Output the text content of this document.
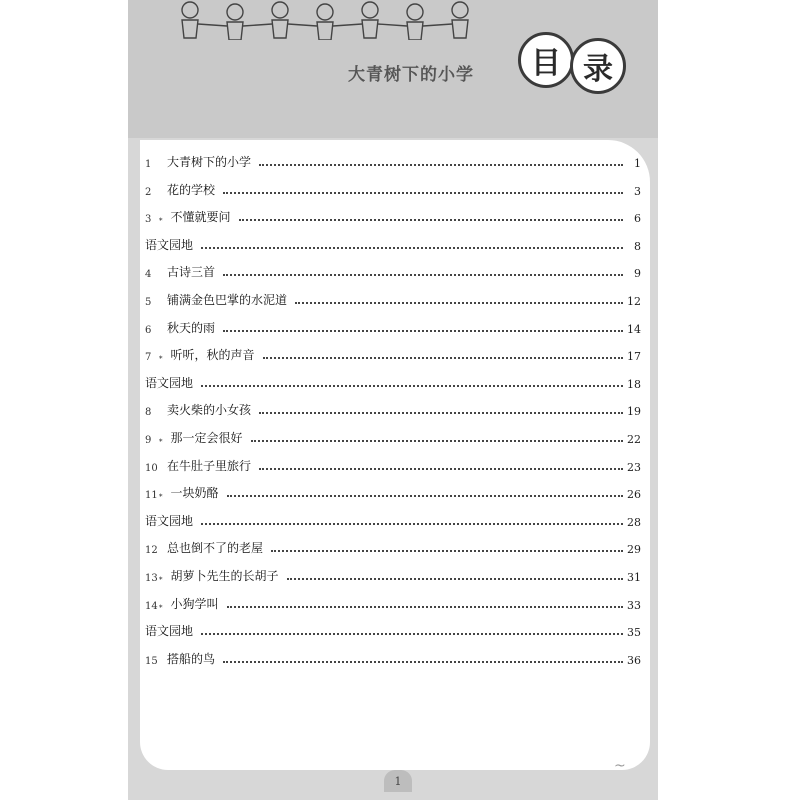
大青树下的小学	目 录
1	大青树下的小学	1
2	花的学校	3
3	* 不懂就要问	6
语文园地	8
4	古诗三首	9
5	铺满金色巴掌的水泥道	12
6	秋天的雨	14
7	* 听听，秋的声音	17
语文园地	18
8	卖火柴的小女孩	19
9	* 那一定会很好	22
10 在牛肚子里旅行	23
11 * 一块奶酪	26
语文园地	28
12 总也倒不了的老屋	29
13 * 胡萝卜先生的长胡子	31
14 * 小狗学叫	33
语文园地	35
15 搭船的鸟	36
1
~
